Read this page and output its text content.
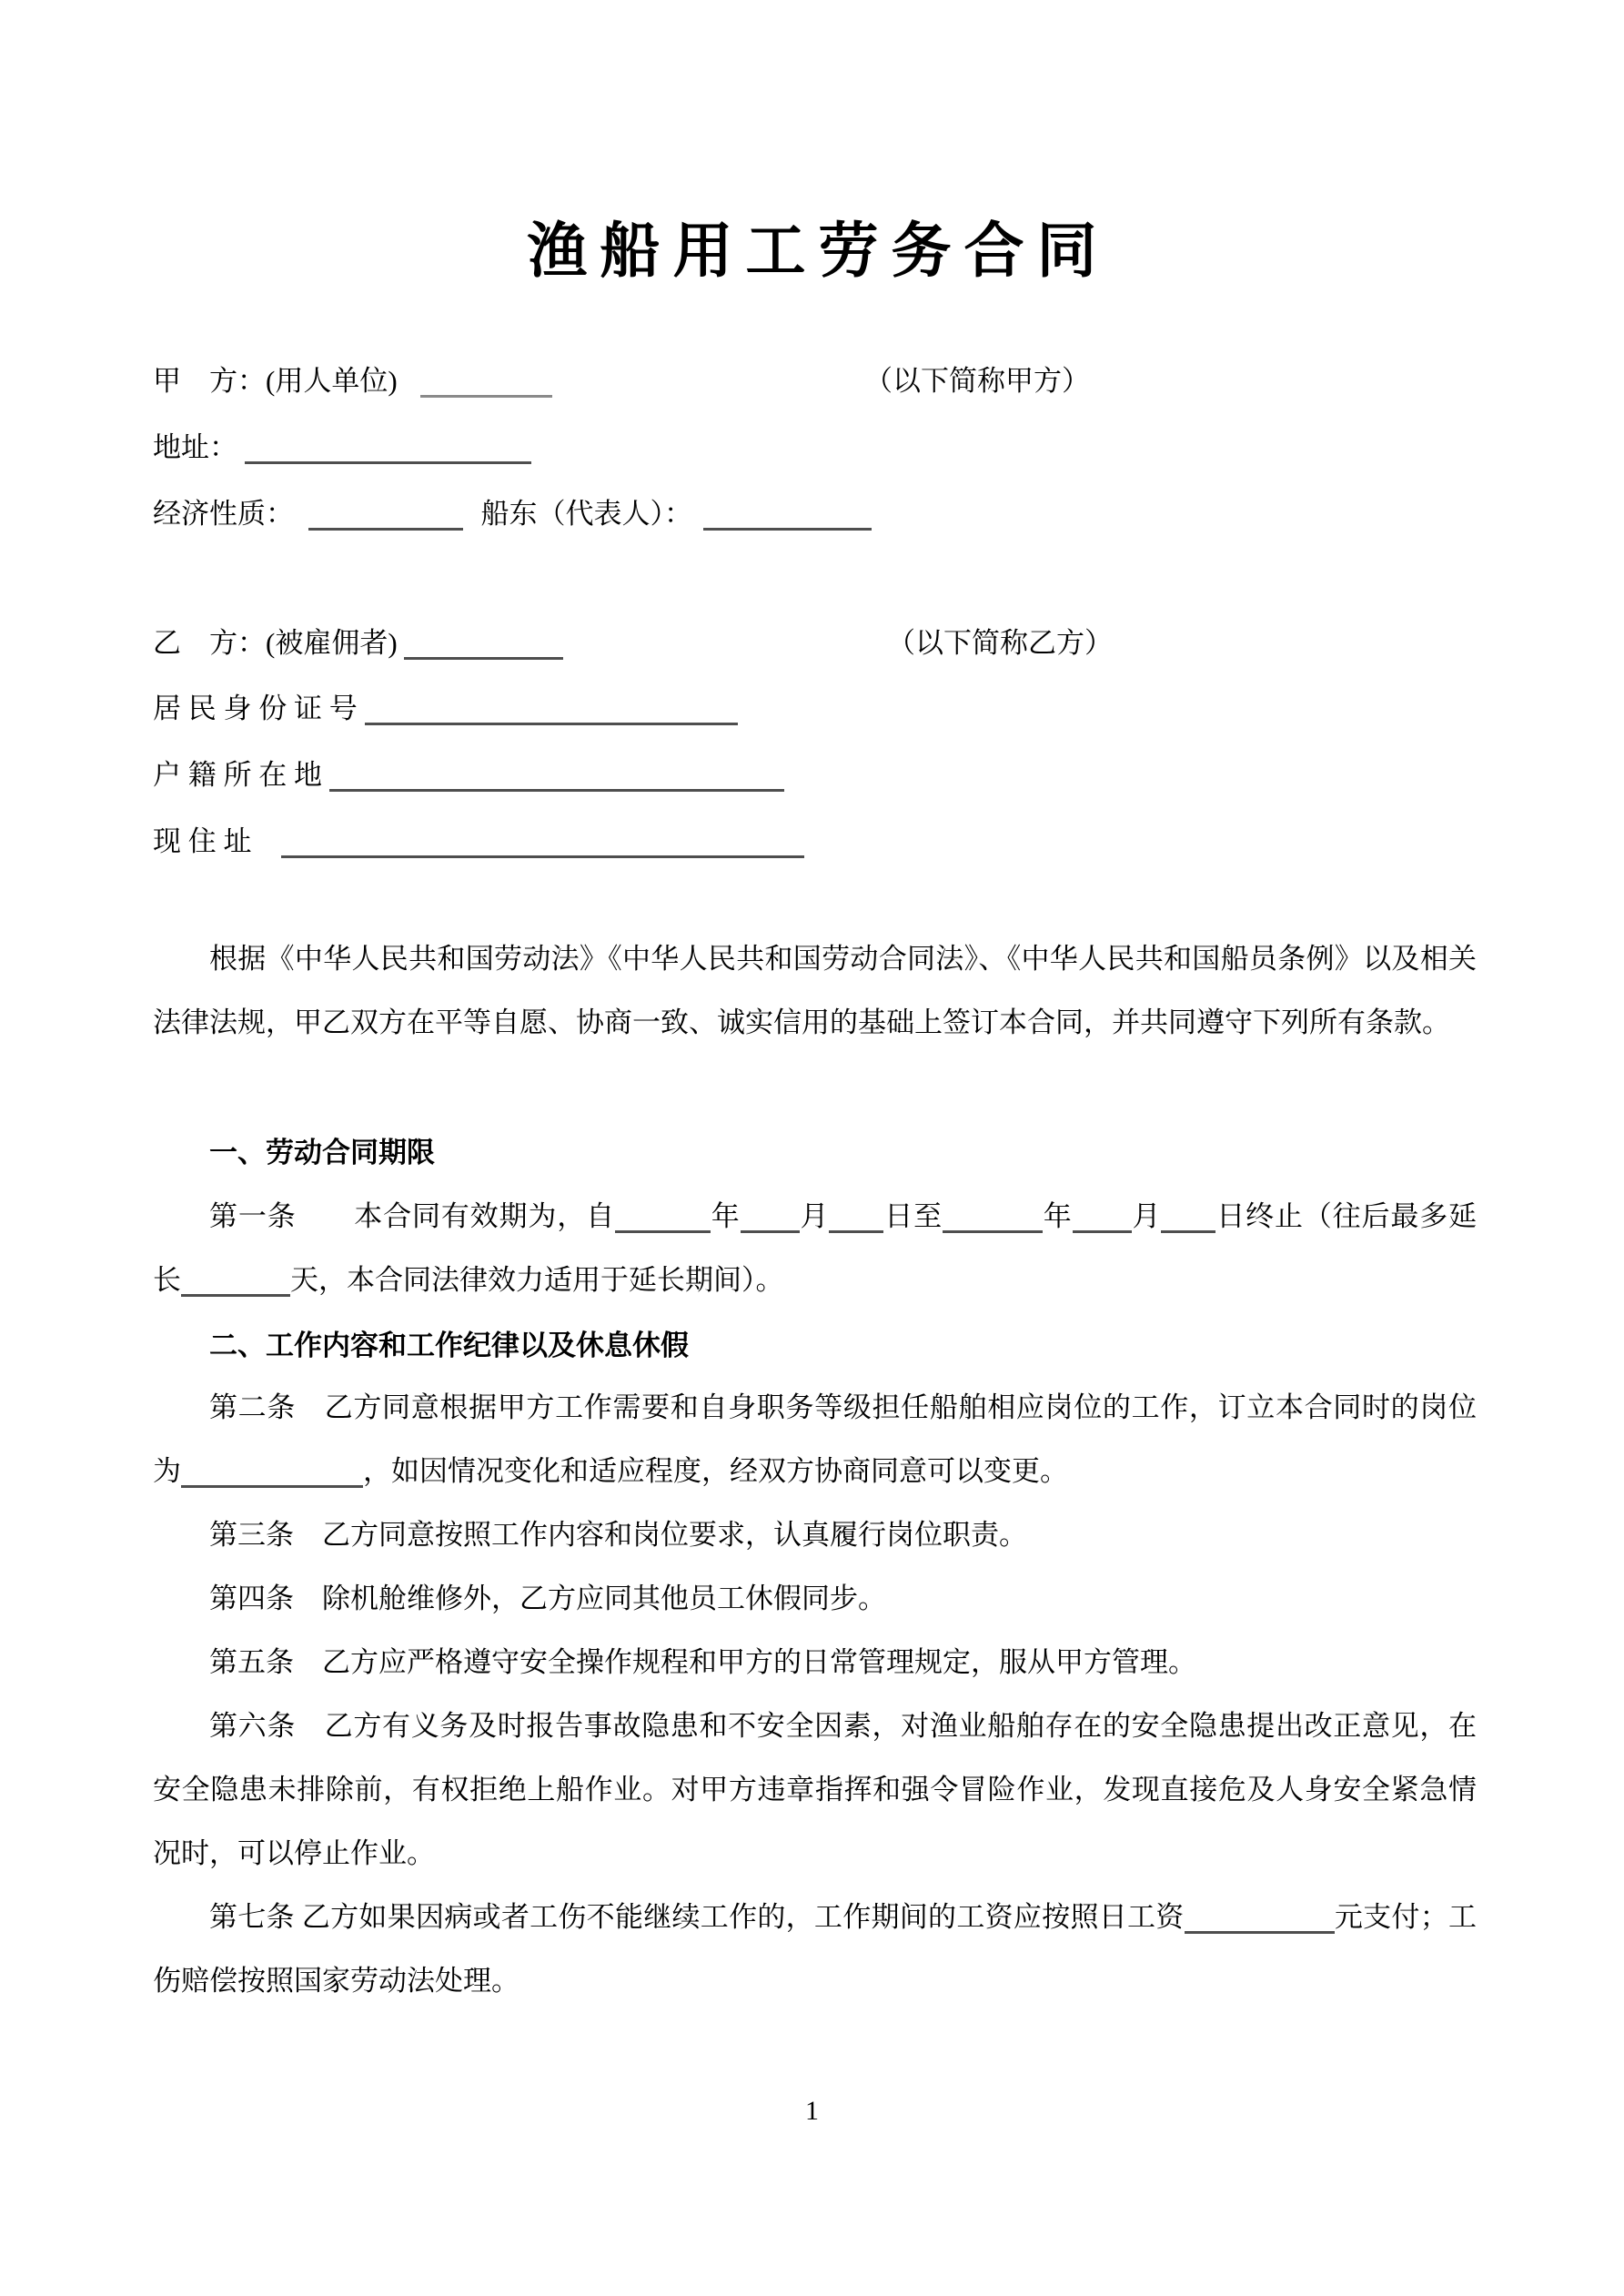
渔船用工劳务合同
甲　方：(用人单位)	（以下简称甲方）
地址：
经济性质：	船东（代表人）：
乙　方：(被雇佣者)	（以下简称乙方）
居 民 身 份 证 号
户 籍 所 在 地
现 住 址

根据《中华人民共和国劳动法》《中华人民共和国劳动合同法》、《中华人民共和国船员条例》以及相关法律法规，甲乙双方在平等自愿、协商一致、诚实信用的基础上签订本合同，并共同遵守下列所有条款。

一、劳动合同期限

第一条　　本合同有效期为，自	年 月 日至	年 月 日终止（往后最多延长	天，本合同法律效力适用于延长期间）。

二、工作内容和工作纪律以及休息休假

第二条　乙方同意根据甲方工作需要和自身职务等级担任船舶相应岗位的工作，订立本合同时的岗位为	，如因情况变化和适应程度，经双方协商同意可以变更。

第三条　乙方同意按照工作内容和岗位要求，认真履行岗位职责。
第四条　除机舱维修外，乙方应同其他员工休假同步。
第五条　乙方应严格遵守安全操作规程和甲方的日常管理规定，服从甲方管理。

第六条　乙方有义务及时报告事故隐患和不安全因素，对渔业船舶存在的安全隐患提出改正意见，在安全隐患未排除前，有权拒绝上船作业。对甲方违章指挥和强令冒险作业，发现直接危及人身安全紧急情况时，可以停止作业。

第七条 乙方如果因病或者工伤不能继续工作的，工作期间的工资应按照日工资	元支付；工伤赔偿按照国家劳动法处理。

1
